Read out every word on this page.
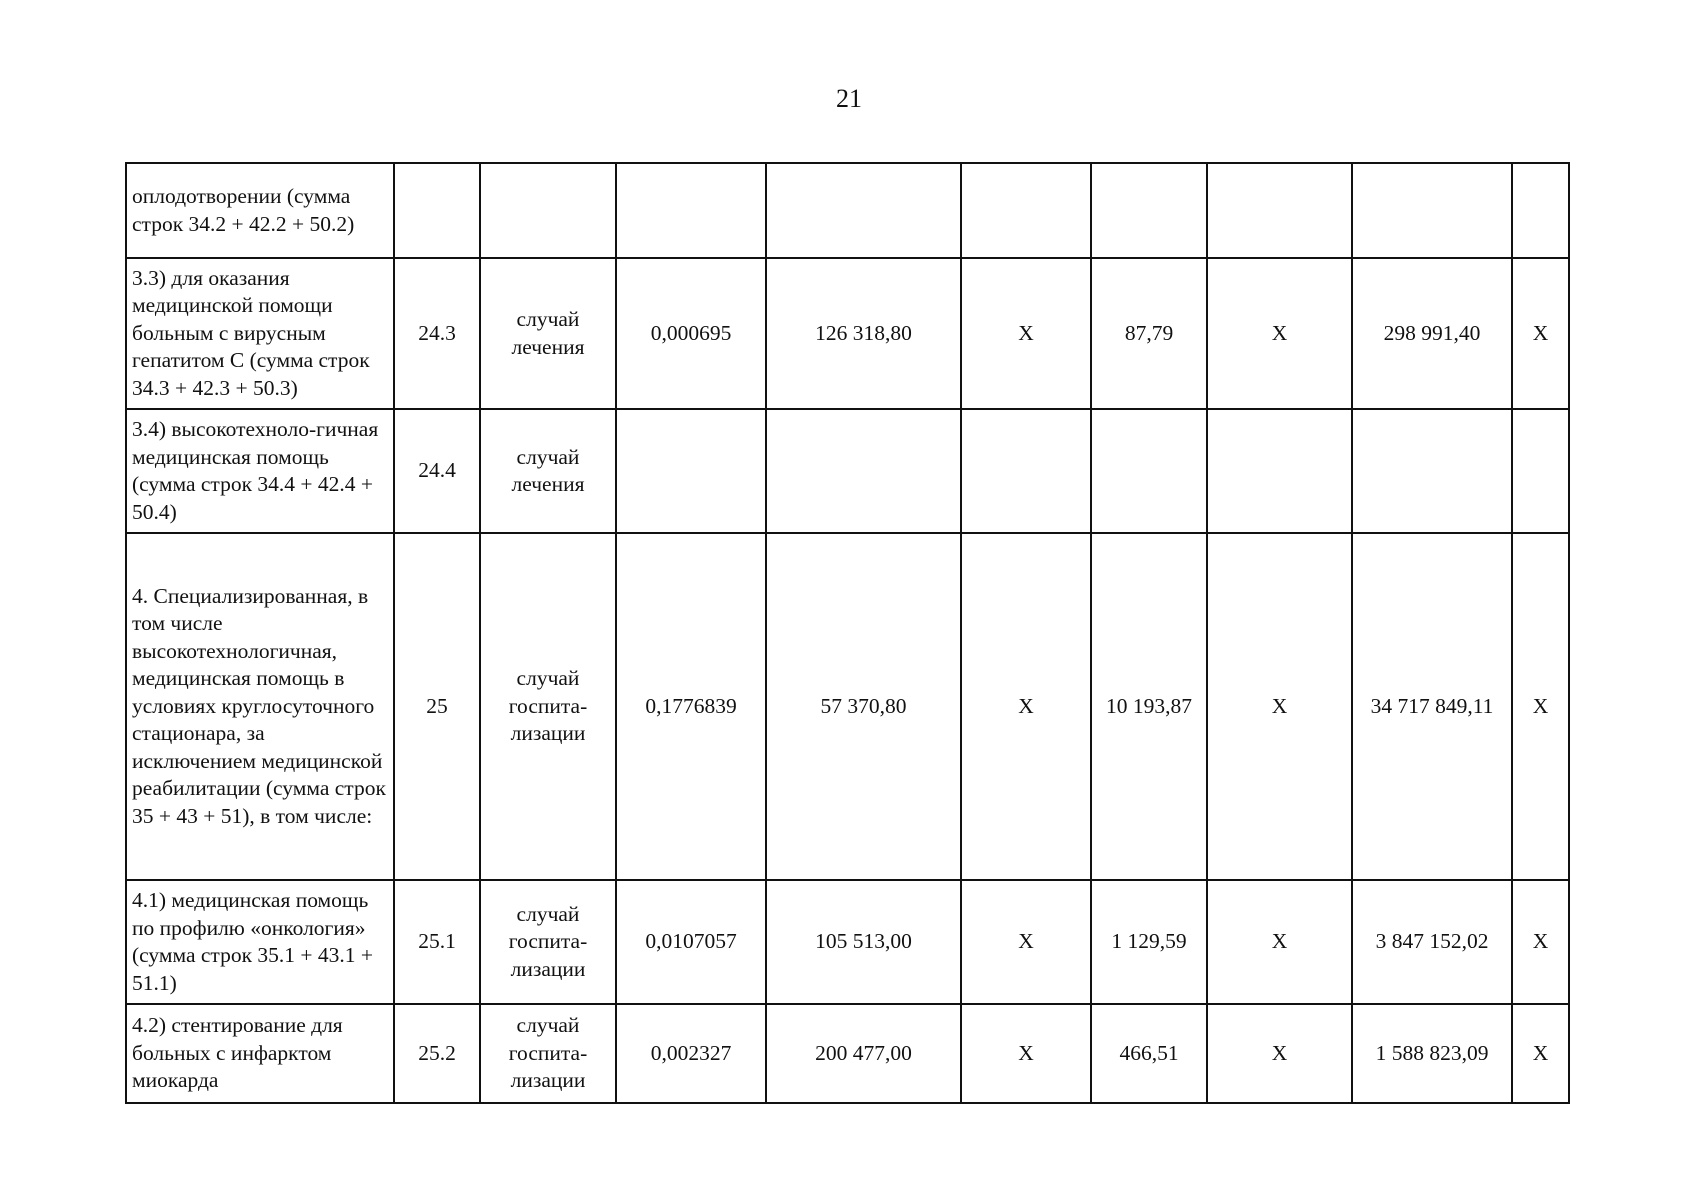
21
оплодотворении (сумма строк 34.2 + 42.2 + 50.2)									
3.3) для оказания медицинской помощи больным с вирусным гепатитом С (сумма строк 34.3 + 42.3 + 50.3)	24.3	случай лечения	0,000695	126 318,80	X	87,79	X	298 991,40	X
3.4) высокотехноло-гичная медицинская помощь (сумма строк 34.4 + 42.4 + 50.4)	24.4	случай лечения							
4. Специализированная, в том числе высокотехнологичная, медицинская помощь в условиях круглосуточного стационара, за исключением медицинской реабилитации (сумма строк 35 + 43 + 51), в том числе:	25	случай госпита-лизации	0,1776839	57 370,80	X	10 193,87	X	34 717 849,11	X
4.1) медицинская помощь по профилю «онкология» (сумма строк 35.1 + 43.1 + 51.1)	25.1	случай госпита-лизации	0,0107057	105 513,00	X	1 129,59	X	3 847 152,02	X
4.2) стентирование для больных с инфарктом миокарда	25.2	случай госпита-лизации	0,002327	200 477,00	X	466,51	X	1 588 823,09	X
